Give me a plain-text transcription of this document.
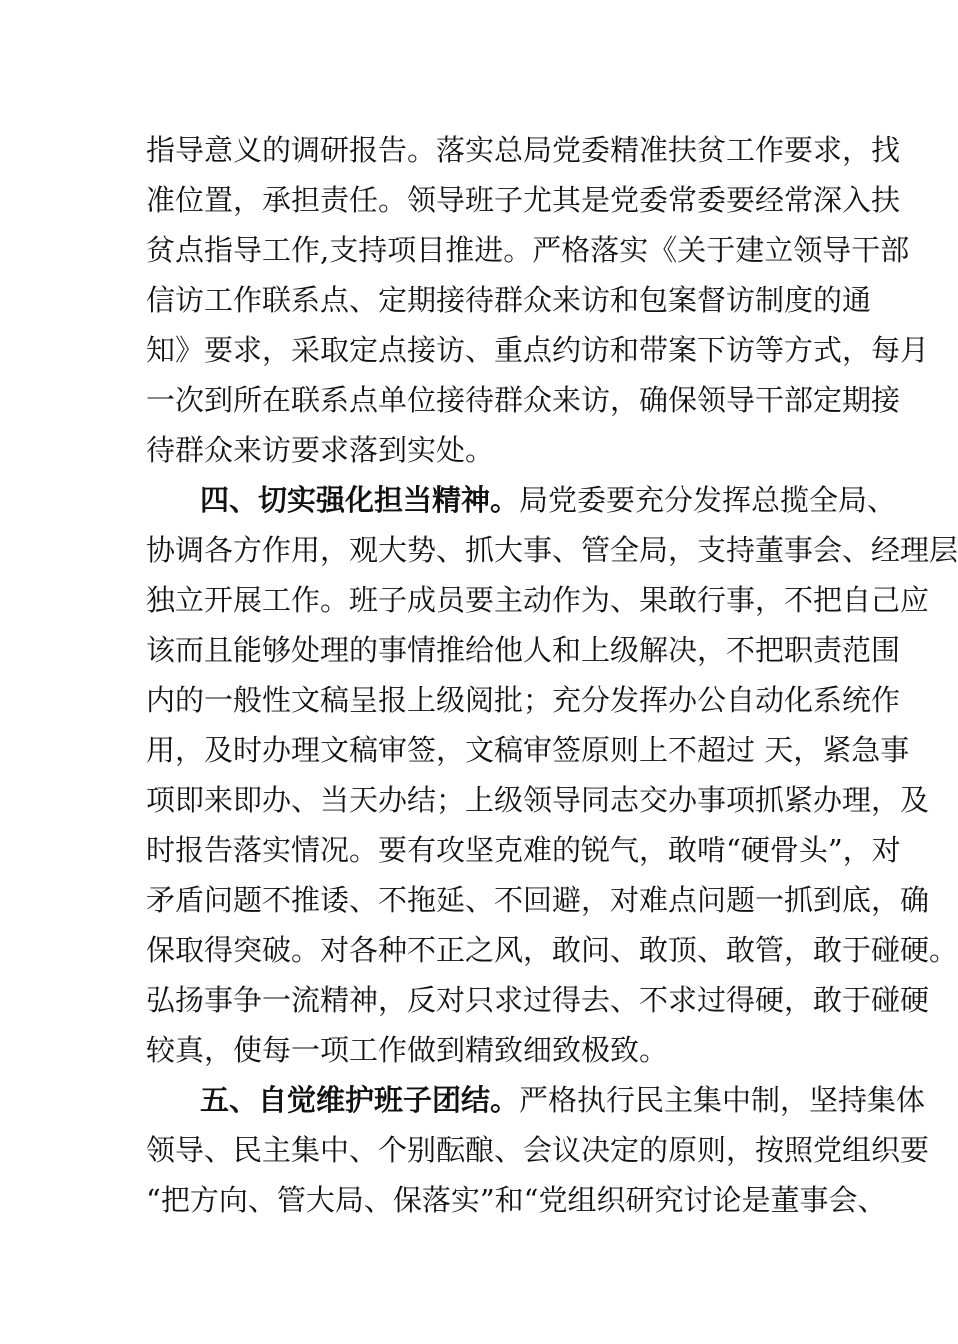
指导意义的调研报告。落实总局党委精准扶贫工作要求，找
准位置，承担责任。领导班子尤其是党委常委要经常深入扶
贫点指导工作,支持项目推进。严格落实《关于建立领导干部
信访工作联系点、定期接待群众来访和包案督访制度的通
知》要求，采取定点接访、重点约访和带案下访等方式，每月
一次到所在联系点单位接待群众来访，确保领导干部定期接
待群众来访要求落到实处。
四、切实强化担当精神。局党委要充分发挥总揽全局、
协调各方作用，观大势、抓大事、管全局，支持董事会、经理层
独立开展工作。班子成员要主动作为、果敢行事，不把自己应
该而且能够处理的事情推给他人和上级解决，不把职责范围
内的一般性文稿呈报上级阅批；充分发挥办公自动化系统作
用，及时办理文稿审签，文稿审签原则上不超过 天，紧急事
项即来即办、当天办结；上级领导同志交办事项抓紧办理，及
时报告落实情况。要有攻坚克难的锐气，敢啃“硬骨头”，对
矛盾问题不推诿、不拖延、不回避，对难点问题一抓到底，确
保取得突破。对各种不正之风，敢问、敢顶、敢管，敢于碰硬。
弘扬事争一流精神，反对只求过得去、不求过得硬，敢于碰硬
较真，使每一项工作做到精致细致极致。
五、自觉维护班子团结。严格执行民主集中制，坚持集体
领导、民主集中、个别酝酿、会议决定的原则，按照党组织要
“把方向、管大局、保落实”和“党组织研究讨论是董事会、
